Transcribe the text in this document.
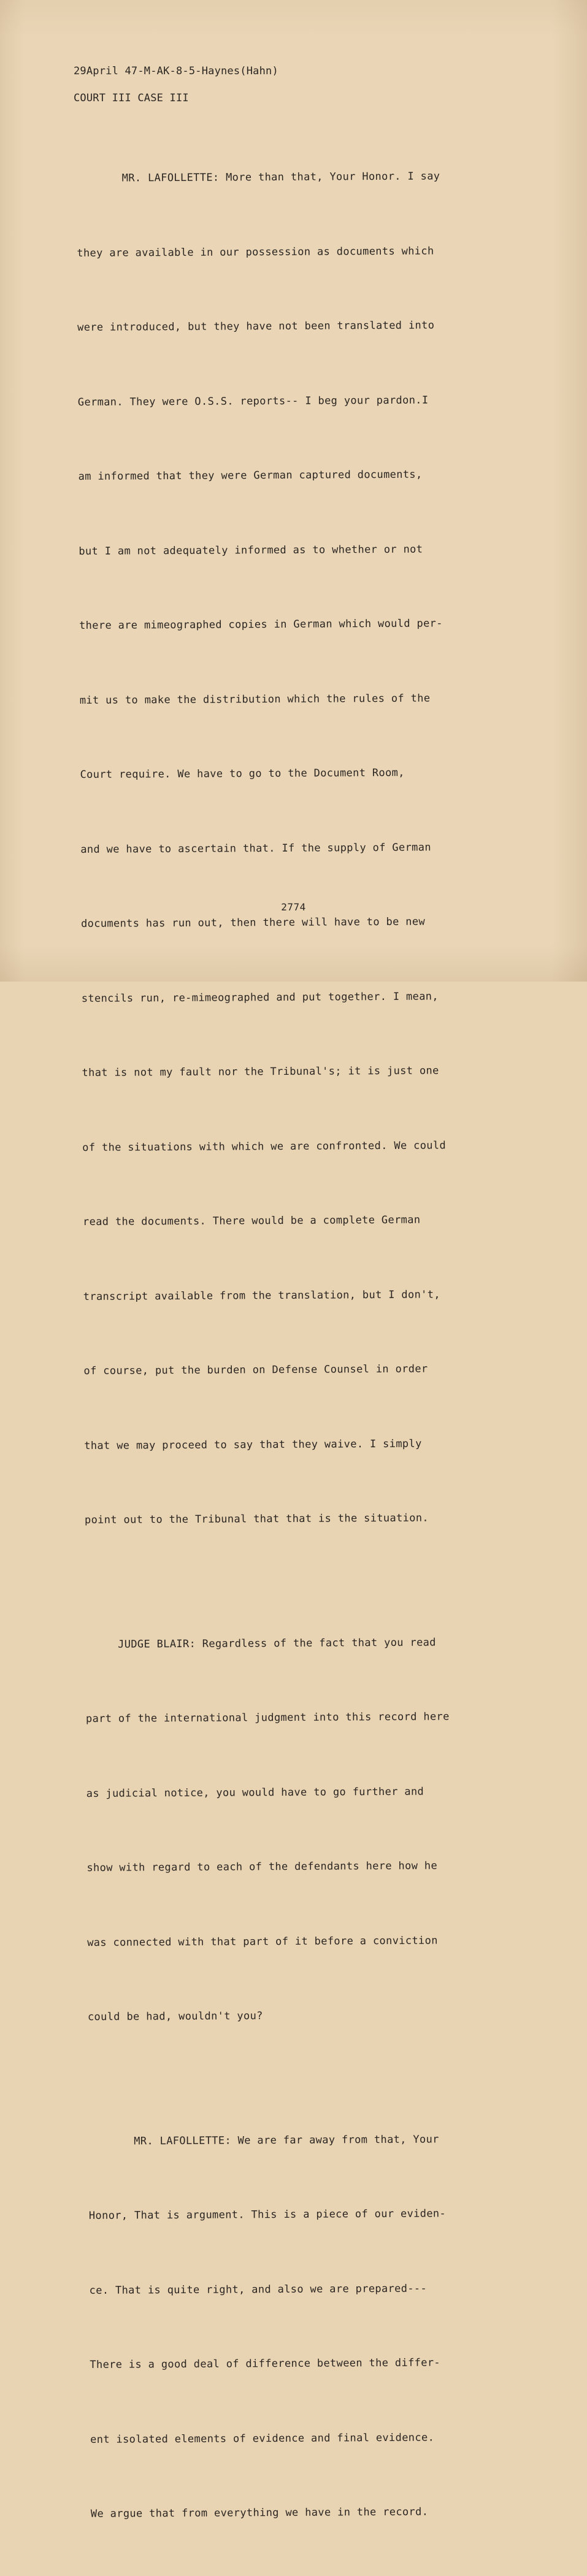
29April 47-M-AK-8-5-Haynes(Hahn)
COURT III CASE III

MR. LAFOLLETTE: More than that, Your Honor. I say

they are available in our possession as documents which

were introduced, but they have not been translated into

German. They were O.S.S. reports-- I beg your pardon.I

am informed that they were German captured documents,

but I am not adequately informed as to whether or not

there are mimeographed copies in German which would per-

mit us to make the distribution which the rules of the

Court require. We have to go to the Document Room,

and we have to ascertain that. If the supply of German

documents has run out, then there will have to be new

stencils run, re-mimeographed and put together. I mean,

that is not my fault nor the Tribunal's; it is just one

of the situations with which we are confronted. We could

read the documents. There would be a complete German

transcript available from the translation, but I don't,

of course, put the burden on Defense Counsel in order

that we may proceed to say that they waive. I simply

point out to the Tribunal that that is the situation.

JUDGE BLAIR: Regardless of the fact that you read

part of the international judgment into this record here

as judicial notice, you would have to go further and

show with regard to each of the defendants here how he

was connected with that part of it before a conviction

could be had, wouldn't you?

MR. LAFOLLETTE: We are far away from that, Your

Honor, That is argument. This is a piece of our eviden-

ce. That is quite right, and also we are prepared---

There is a good deal of difference between the differ-

ent isolated elements of evidence and final evidence.

We argue that from everything we have in the record.

2774
